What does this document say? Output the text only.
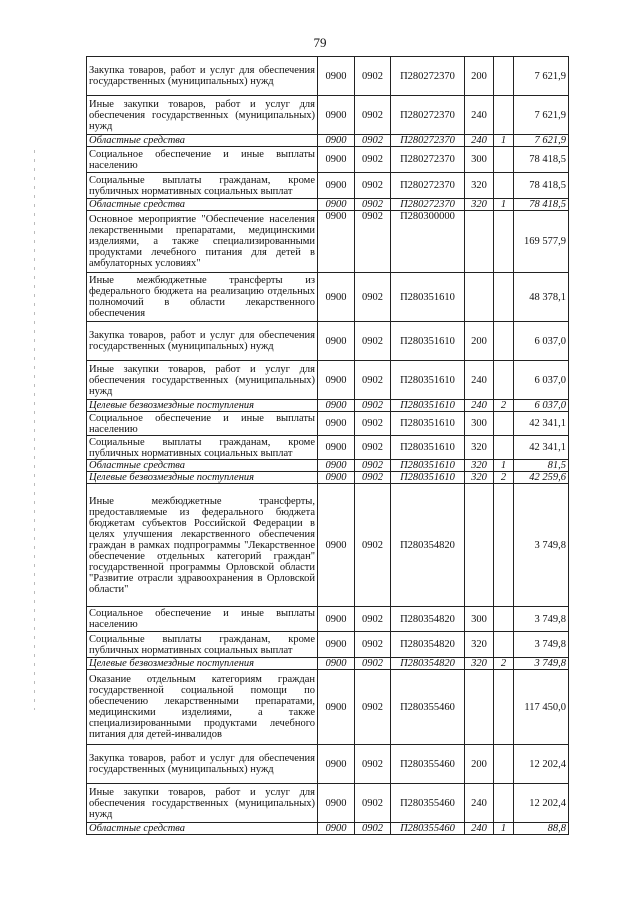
79
Закупка товаров, работ и услуг для обеспечения государственных (муниципальных) нужд	0900	0902	П280272370	200		7 621,9
Иные закупки товаров, работ и услуг для обеспечения государственных (муниципальных) нужд	0900	0902	П280272370	240		7 621,9
Областные средства	0900	0902	П280272370	240	1	7 621,9
Социальное обеспечение и иные выплаты населению	0900	0902	П280272370	300		78 418,5
Социальные выплаты гражданам, кроме публичных нормативных социальных выплат	0900	0902	П280272370	320		78 418,5
Областные средства	0900	0902	П280272370	320	1	78 418,5
Основное мероприятие "Обеспечение населения лекарственными препаратами, медицинскими изделиями, а также специализированными продуктами лечебного питания для детей в амбулаторных условиях"	0900	0902	П280300000			169 577,9
Иные межбюджетные трансферты из федерального бюджета на реализацию отдельных полномочий в области лекарственного обеспечения	0900	0902	П280351610			48 378,1
Закупка товаров, работ и услуг для обеспечения государственных (муниципальных) нужд	0900	0902	П280351610	200		6 037,0
Иные закупки товаров, работ и услуг для обеспечения государственных (муниципальных) нужд	0900	0902	П280351610	240		6 037,0
Целевые безвозмездные поступления	0900	0902	П280351610	240	2	6 037,0
Социальное обеспечение и иные выплаты населению	0900	0902	П280351610	300		42 341,1
Социальные выплаты гражданам, кроме публичных нормативных социальных выплат	0900	0902	П280351610	320		42 341,1
Областные средства	0900	0902	П280351610	320	1	81,5
Целевые безвозмездные поступления	0900	0902	П280351610	320	2	42 259,6
Иные межбюджетные трансферты, предоставляемые из федерального бюджета бюджетам субъектов Российской Федерации в целях улучшения лекарственного обеспечения граждан в рамках подпрограммы "Лекарственное обеспечение отдельных категорий граждан" государственной программы Орловской области "Развитие отрасли здравоохранения в Орловской области"	0900	0902	П280354820			3 749,8
Социальное обеспечение и иные выплаты населению	0900	0902	П280354820	300		3 749,8
Социальные выплаты гражданам, кроме публичных нормативных социальных выплат	0900	0902	П280354820	320		3 749,8
Целевые безвозмездные поступления	0900	0902	П280354820	320	2	3 749,8
Оказание отдельным категориям граждан государственной социальной помощи по обеспечению лекарственными препаратами, медицинскими изделиями, а также специализированными продуктами лечебного питания для детей-инвалидов	0900	0902	П280355460			117 450,0
Закупка товаров, работ и услуг для обеспечения государственных (муниципальных) нужд	0900	0902	П280355460	200		12 202,4
Иные закупки товаров, работ и услуг для обеспечения государственных (муниципальных) нужд	0900	0902	П280355460	240		12 202,4
Областные средства	0900	0902	П280355460	240	1	88,8
